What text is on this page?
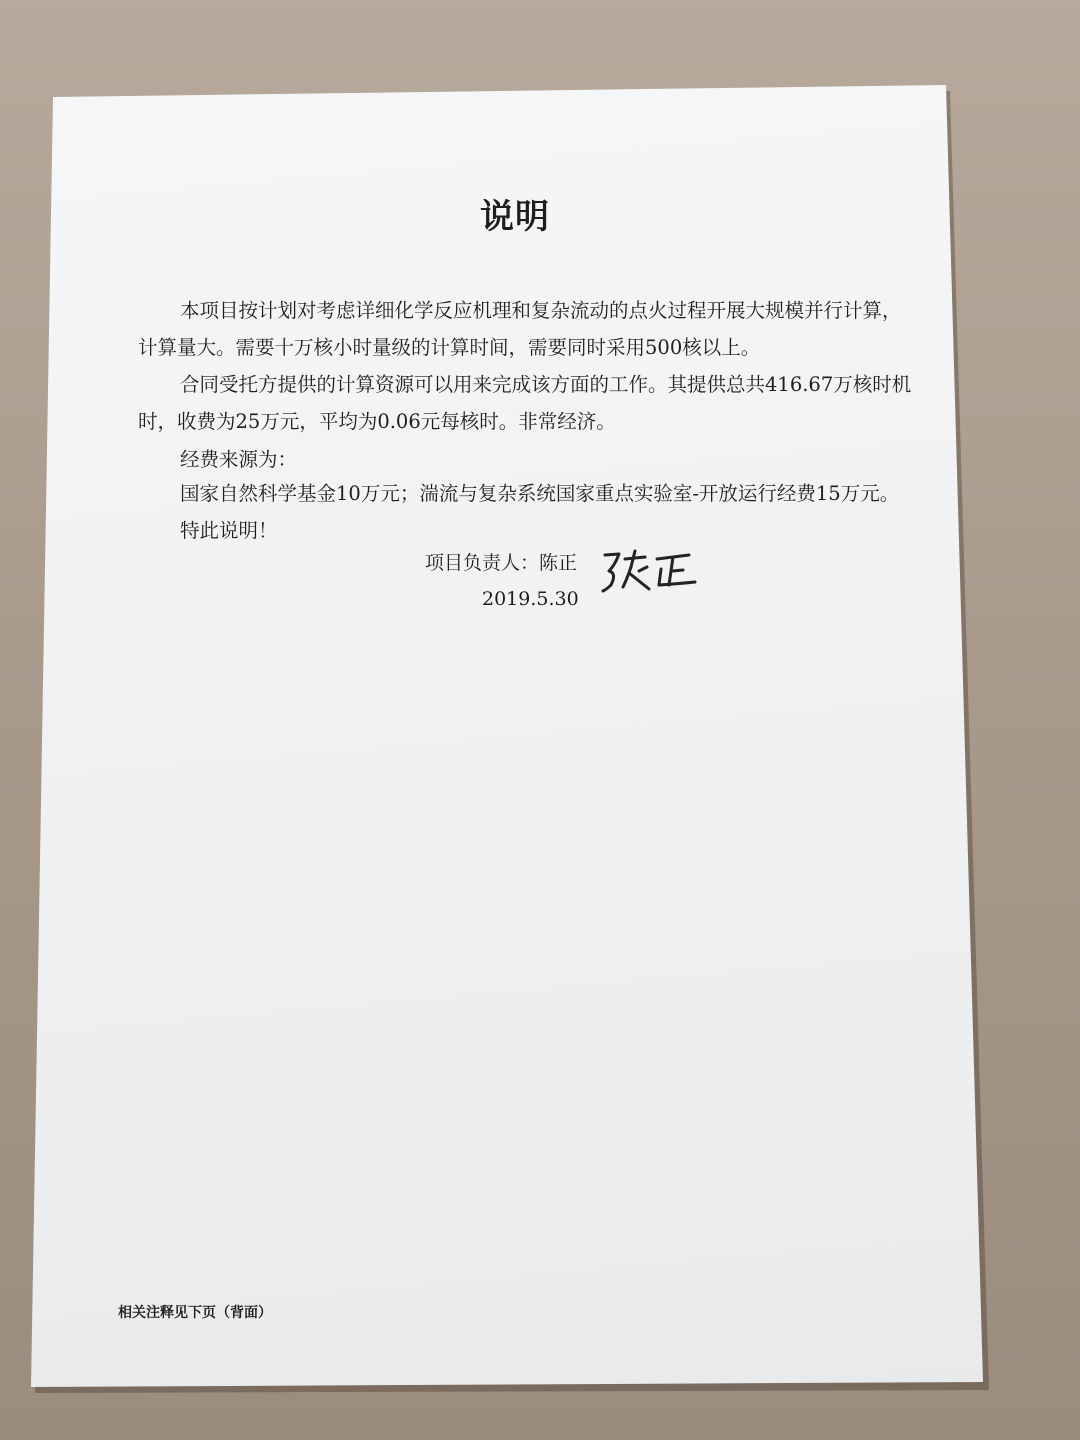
说明
本项目按计划对考虑详细化学反应机理和复杂流动的点火过程开展大规模并行计算，
计算量大。需要十万核小时量级的计算时间，需要同时采用500核以上。
合同受托方提供的计算资源可以用来完成该方面的工作。其提供总共416.67万核时机
时，收费为25万元，平均为0.06元每核时。非常经济。
经费来源为：
国家自然科学基金10万元；湍流与复杂系统国家重点实验室-开放运行经费15万元。
特此说明！
项目负责人：陈正
2019.5.30
相关注释见下页（背面）
